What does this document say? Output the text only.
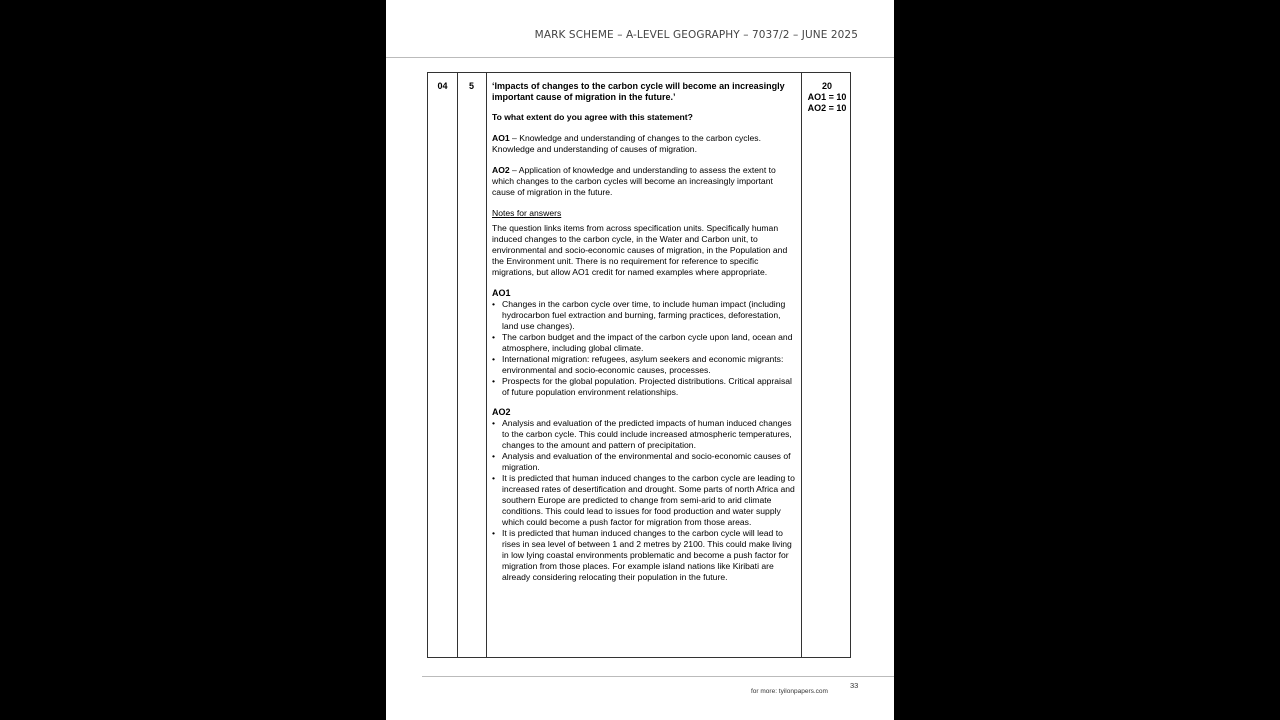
MARK SCHEME – A-LEVEL GEOGRAPHY – 7037/2 – JUNE 2025
04	5	20
AO1 = 10
AO2 = 10
‘Impacts of changes to the carbon cycle will become an increasingly important cause of migration in the future.’

To what extent do you agree with this statement?

AO1 – Knowledge and understanding of changes to the carbon cycles. Knowledge and understanding of causes of migration.

AO2 – Application of knowledge and understanding to assess the extent to which changes to the carbon cycles will become an increasingly important cause of migration in the future.

Notes for answers

The question links items from across specification units. Specifically human induced changes to the carbon cycle, in the Water and Carbon unit, to environmental and socio-economic causes of migration, in the Population and the Environment unit. There is no requirement for reference to specific migrations, but allow AO1 credit for named examples where appropriate.

AO1
• Changes in the carbon cycle over time, to include human impact (including hydrocarbon fuel extraction and burning, farming practices, deforestation, land use changes).
• The carbon budget and the impact of the carbon cycle upon land, ocean and atmosphere, including global climate.
• International migration: refugees, asylum seekers and economic migrants: environmental and socio-economic causes, processes.
• Prospects for the global population. Projected distributions. Critical appraisal of future population environment relationships.
AO2
• Analysis and evaluation of the predicted impacts of human induced changes to the carbon cycle. This could include increased atmospheric temperatures, changes to the amount and pattern of precipitation.
• Analysis and evaluation of the environmental and socio-economic causes of migration.
• It is predicted that human induced changes to the carbon cycle are leading to increased rates of desertification and drought. Some parts of north Africa and southern Europe are predicted to change from semi-arid to arid climate conditions. This could lead to issues for food production and water supply which could become a push factor for migration from those areas.
• It is predicted that human induced changes to the carbon cycle will lead to rises in sea level of between 1 and 2 metres by 2100. This could make living in low lying coastal environments problematic and become a push factor for migration from those places. For example island nations like Kiribati are already considering relocating their population in the future.
33
for more: tyilonpapers.com
